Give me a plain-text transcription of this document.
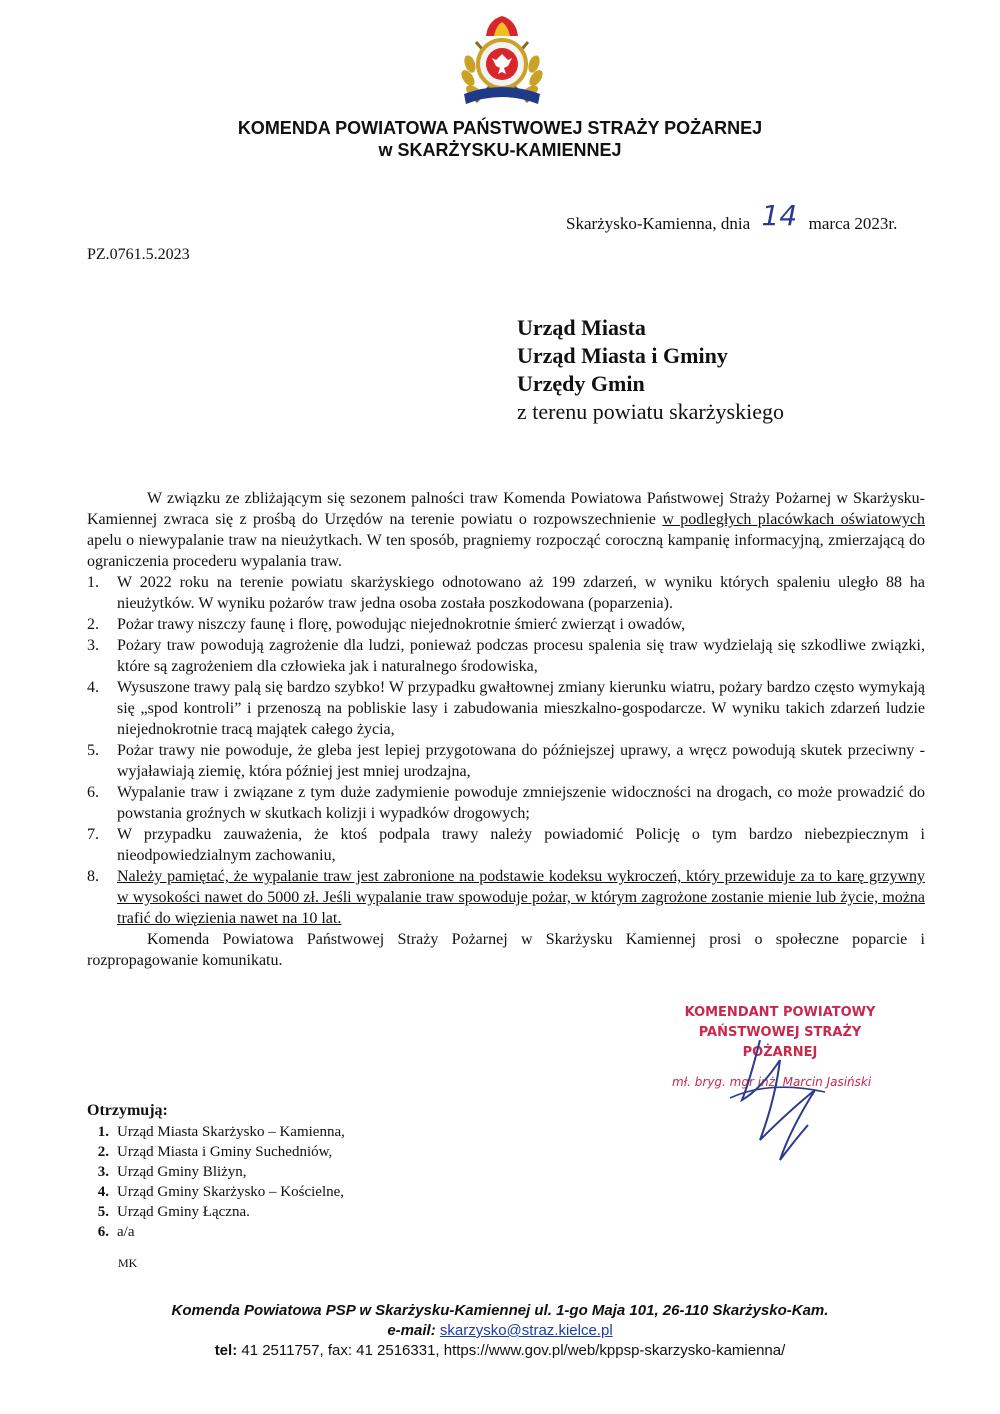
KOMENDA POWIATOWA PAŃSTWOWEJ STRAŻY POŻARNEJ
w SKARŻYSKU-KAMIENNEJ
Skarżysko-Kamienna, dnia 14 marca 2023r.
PZ.0761.5.2023
Urząd Miasta
Urząd Miasta i Gminy
Urzędy Gmin
z terenu powiatu skarżyskiego

W związku ze zbliżającym się sezonem palności traw Komenda Powiatowa Państwowej Straży Pożarnej w Skarżysku-Kamiennej zwraca się z prośbą do Urzędów na terenie powiatu o rozpowszechnienie w podległych placówkach oświatowych apelu o niewypalanie traw na nieużytkach. W ten sposób, pragniemy rozpocząć coroczną kampanię informacyjną, zmierzającą do ograniczenia procederu wypalania traw.

1. W 2022 roku na terenie powiatu skarżyskiego odnotowano aż 199 zdarzeń, w wyniku których spaleniu uległo 88 ha nieużytków. W wyniku pożarów traw jedna osoba została poszkodowana (poparzenia).
2. Pożar trawy niszczy faunę i florę, powodując niejednokrotnie śmierć zwierząt i owadów,
3. Pożary traw powodują zagrożenie dla ludzi, ponieważ podczas procesu spalenia się traw wydzielają się szkodliwe związki, które są zagrożeniem dla człowieka jak i naturalnego środowiska,
4. Wysuszone trawy palą się bardzo szybko! W przypadku gwałtownej zmiany kierunku wiatru, pożary bardzo często wymykają się „spod kontroli” i przenoszą na pobliskie lasy i zabudowania mieszkalno-gospodarcze. W wyniku takich zdarzeń ludzie niejednokrotnie tracą majątek całego życia,
5. Pożar trawy nie powoduje, że gleba jest lepiej przygotowana do późniejszej uprawy, a wręcz powodują skutek przeciwny - wyjaławiają ziemię, która później jest mniej urodzajna,
6. Wypalanie traw i związane z tym duże zadymienie powoduje zmniejszenie widoczności na drogach, co może prowadzić do powstania groźnych w skutkach kolizji i wypadków drogowych;
7. W przypadku zauważenia, że ktoś podpala trawy należy powiadomić Policję o tym bardzo niebezpiecznym i nieodpowiedzialnym zachowaniu,
8. Należy pamiętać, że wypalanie traw jest zabronione na podstawie kodeksu wykroczeń, który przewiduje za to karę grzywny w wysokości nawet do 5000 zł. Jeśli wypalanie traw spowoduje pożar, w którym zagrożone zostanie mienie lub życie, można trafić do więzienia nawet na 10 lat.

Komenda Powiatowa Państwowej Straży Pożarnej w Skarżysku Kamiennej prosi o społeczne poparcie i rozpropagowanie komunikatu.

KOMENDANT POWIATOWY
PAŃSTWOWEJ STRAŻY POŻARNEJ
mł. bryg. mgr inż. Marcin Jasiński
Otrzymują:
1. Urząd Miasta Skarżysko – Kamienna,
2. Urząd Miasta i Gminy Suchedniów,
3. Urząd Gminy Bliżyn,
4. Urząd Gminy Skarżysko – Kościelne,
5. Urząd Gminy Łączna.
6. a/a
MK
Komenda Powiatowa PSP w Skarżysku-Kamiennej ul. 1-go Maja 101, 26-110 Skarżysko-Kam.
e-mail: skarzysko@straz.kielce.pl
tel: 41 2511757, fax: 41 2516331, https://www.gov.pl/web/kppsp-skarzysko-kamienna/
